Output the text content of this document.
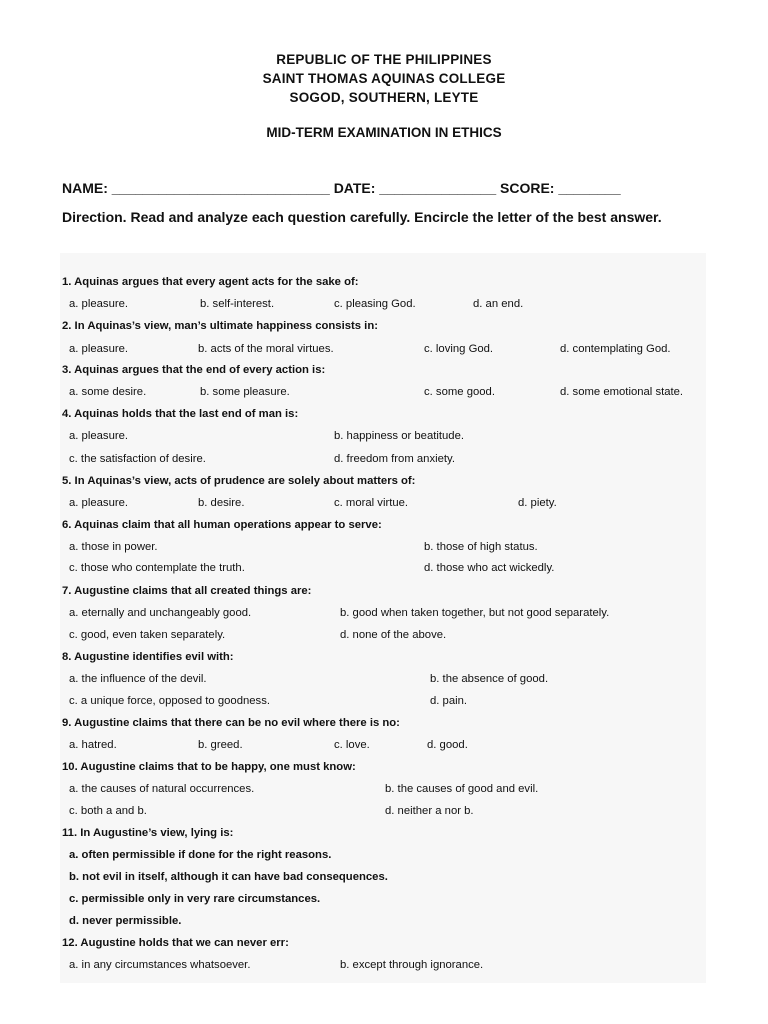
REPUBLIC OF THE PHILIPPINES
SAINT THOMAS AQUINAS COLLEGE
SOGOD, SOUTHERN, LEYTE
MID-TERM EXAMINATION IN ETHICS
NAME: ____________________________ DATE: _______________ SCORE: ________
Direction. Read and analyze each question carefully. Encircle the letter of the best answer.
1. Aquinas argues that every agent acts for the sake of:
a. pleasure.	b. self-interest.	c. pleasing God.	d. an end.
2. In Aquinas’s view, man’s ultimate happiness consists in:
a. pleasure.	b. acts of the moral virtues.	c. loving God.	d. contemplating God.
3. Aquinas argues that the end of every action is:
a. some desire.	b. some pleasure.	c. some good.	d. some emotional state.
4. Aquinas holds that the last end of man is:
a. pleasure.	b. happiness or beatitude.
c. the satisfaction of desire.	d. freedom from anxiety.
5. In Aquinas’s view, acts of prudence are solely about matters of:
a. pleasure.	b. desire.	c. moral virtue.	d. piety.
6. Aquinas claim that all human operations appear to serve:
a. those in power.	b. those of high status.
c. those who contemplate the truth.	d. those who act wickedly.
7. Augustine claims that all created things are:
a. eternally and unchangeably good.	b. good when taken together, but not good separately.
c. good, even taken separately.	d. none of the above.
8. Augustine identifies evil with:
a. the influence of the devil.	b. the absence of good.
c. a unique force, opposed to goodness.	d. pain.
9. Augustine claims that there can be no evil where there is no:
a. hatred.	b. greed.	c. love.	d. good.
10. Augustine claims that to be happy, one must know:
a. the causes of natural occurrences.	b. the causes of good and evil.
c. both a and b.	d. neither a nor b.
11. In Augustine’s view, lying is:
a. often permissible if done for the right reasons.
b. not evil in itself, although it can have bad consequences.
c. permissible only in very rare circumstances.
d. never permissible.
12. Augustine holds that we can never err:
a. in any circumstances whatsoever.	b. except through ignorance.
